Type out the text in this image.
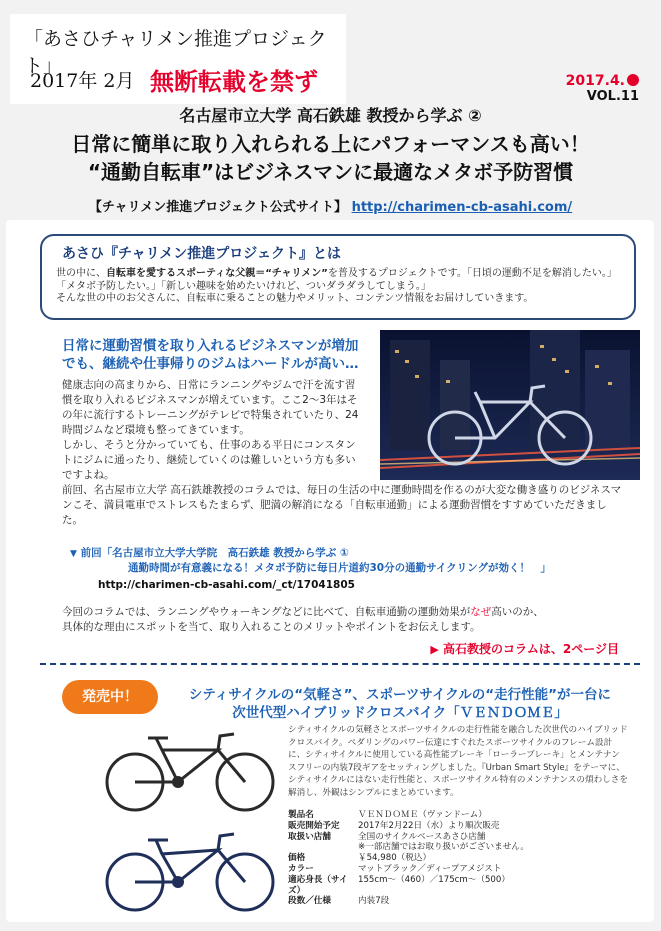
「あさひチャリメン推進プロジェクト」
2017年 2月 無断転載を禁ず	2017.4.
VOL.11
名古屋市立大学 高石鉄雄 教授から学ぶ ②
日常に簡単に取り入れられる上にパフォーマンスも高い！
“通勤自転車”はビジネスマンに最適なメタボ予防習慣
【チャリメン推進プロジェクト公式サイト】 http://charimen-cb-asahi.com/
あさひ『チャリメン推進プロジェクト』とは

世の中に、自転車を愛するスポーティな父親＝“チャリメン”を普及するプロジェクトです。「日頃の運動不足を解消したい。」「メタボ予防したい。」「新しい趣味を始めたいけれど、ついダラダラしてしまう。」
そんな世の中のお父さんに、自転車に乗ることの魅力やメリット、コンテンツ情報をお届けしていきます。

日常に運動習慣を取り入れるビジネスマンが増加
でも、継続や仕事帰りのジムはハードルが高い…

健康志向の高まりから、日常にランニングやジムで汗を流す習慣を取り入れるビジネスマンが増えています。ここ2～3年はその年に流行するトレーニングがテレビで特集されていたり、24時間ジムなど環境も整ってきています。

しかし、そうと分かっていても、仕事のある平日にコンスタントにジムに通ったり、継続していくのは難しいという方も多いですよね。

前回、名古屋市立大学 高石鉄雄教授のコラムでは、毎日の生活の中に運動時間を作るのが大変な働き盛りのビジネスマンこそ、満員電車でストレスもたまらず、肥満の解消になる「自転車通勤」による運動習慣をすすめていただきました。
▼ 前回「名古屋市立大学大学院　高石鉄雄 教授から学ぶ ①
通勤時間が有意義になる！メタボ予防に毎日片道約30分の通勤サイクリングが効く！　」
http://charimen-cb-asahi.com/_ct/17041805
今回のコラムでは、ランニングやウォーキングなどに比べて、自転車通勤の運動効果がなぜ高いのか、
具体的な理由にスポットを当て、取り入れることのメリットやポイントをお伝えします。
▶ 高石教授のコラムは、2ページ目
発売中！	シティサイクルの“気軽さ”、スポーツサイクルの“走行性能”が一台に
次世代型ハイブリッドクロスバイク「ＶＥＮＤＯＭＥ」
シティサイクルの気軽さとスポーツサイクルの走行性能を融合した次世代のハイブリッドクロスバイク。ペダリングのパワー伝達にすぐれたスポーツサイクルのフレーム設計に、シティサイクルに使用している高性能ブレーキ「ローラーブレーキ」とメンテナンスフリーの内装7段ギアをセッティングしました。『Urban Smart Style』をテーマに、シティサイクルにはない走行性能と、スポーツサイクル特有のメンテナンスの煩わしさを解消し、外観はシンプルにまとめています。
製品名	ＶＥＮＤＯＭＥ（ヴァンドーム）
販売開始予定	2017年2月22日（水）より順次販売
取扱い店舗	全国のサイクルベースあさひ店舗
※一部店舗ではお取り扱いがございません。
価格	￥54,980（税込）
カラー	マットブラック／ディープアメジスト
適応身長（サイズ）
155cm～（460）／175cm～（500）
段数／仕様	内装7段
